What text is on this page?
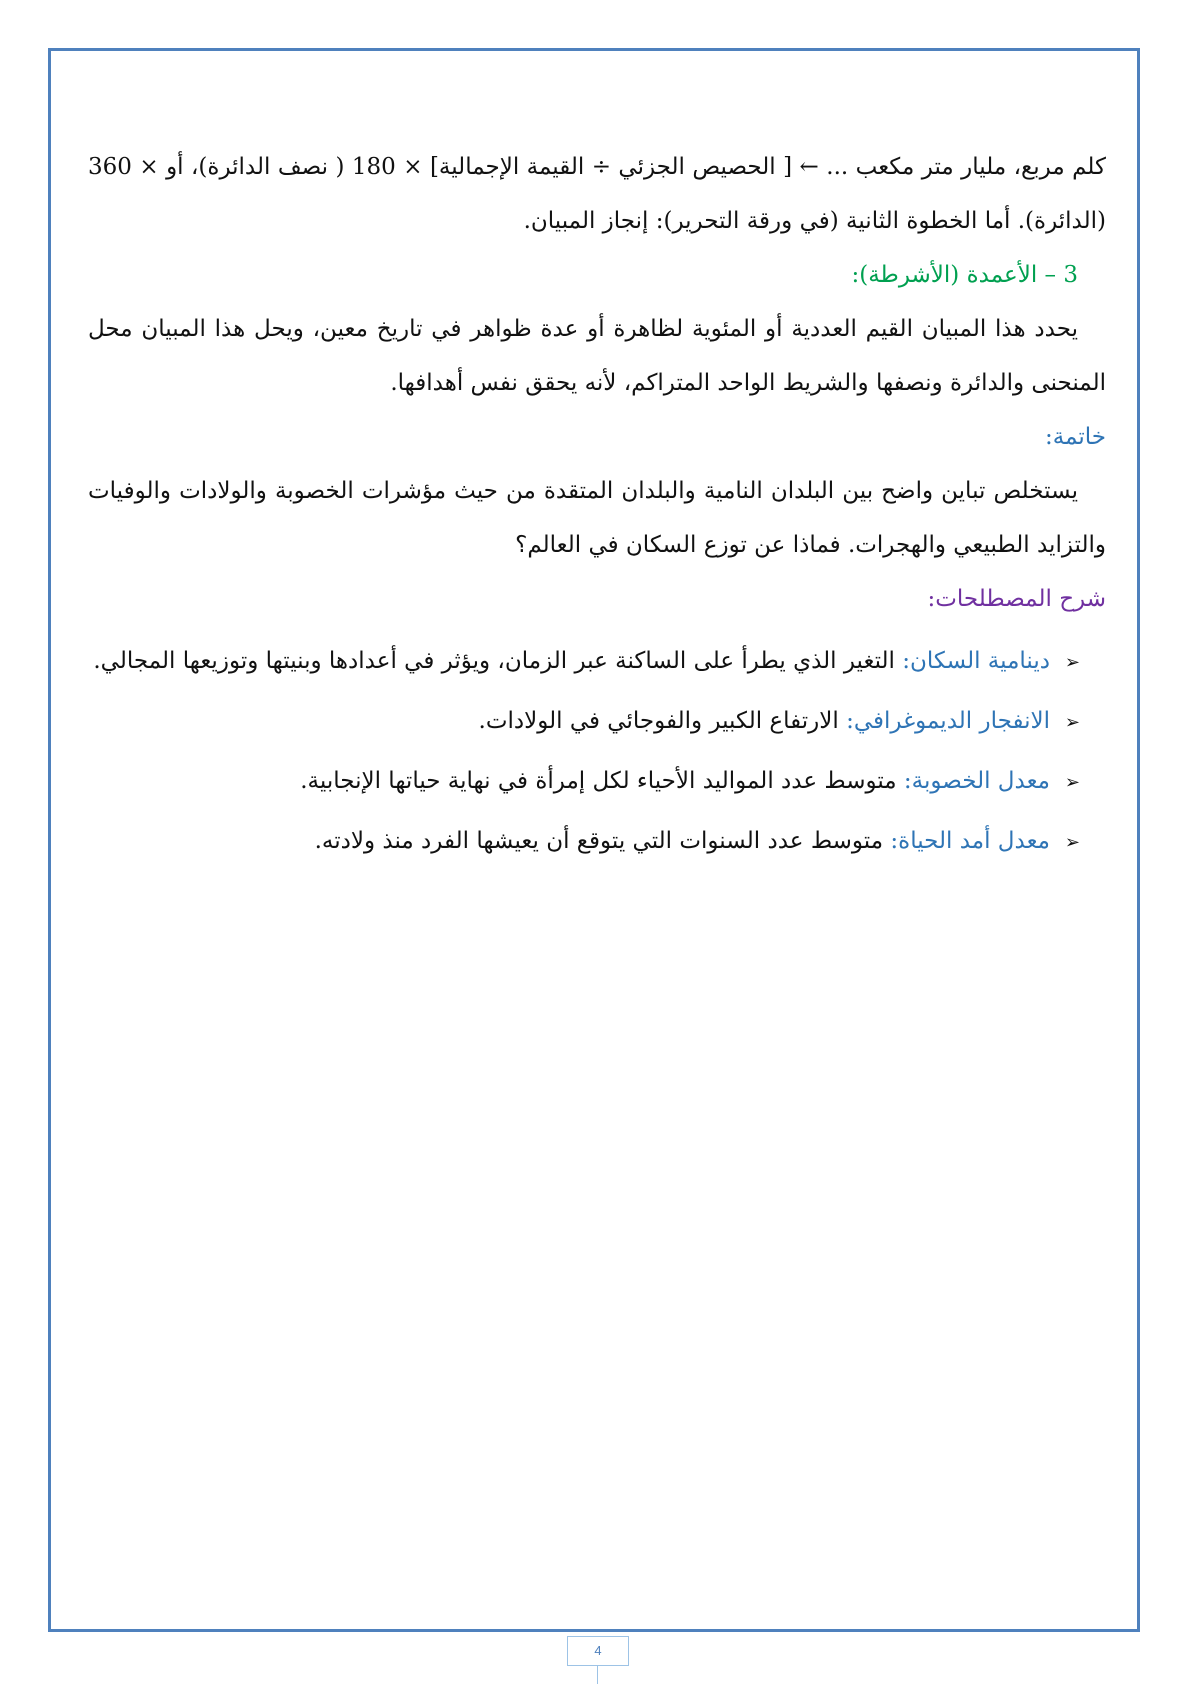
كلم مربع، مليار متر مكعب ... ← [ الحصيص الجزئي ÷ القيمة الإجمالية] × 180 ( نصف الدائرة)، أو × 360 (الدائرة). أما الخطوة الثانية (في ورقة التحرير): إنجاز المبيان.

3 – الأعمدة (الأشرطة):

يحدد هذا المبيان القيم العددية أو المئوية لظاهرة أو عدة ظواهر في تاريخ معين، ويحل هذا المبيان محل المنحنى والدائرة ونصفها والشريط الواحد المتراكم، لأنه يحقق نفس أهدافها.

خاتمة:

يستخلص تباين واضح بين البلدان النامية والبلدان المتقدة من حيث مؤشرات الخصوبة والولادات والوفيات والتزايد الطبيعي والهجرات. فماذا عن توزع السكان في العالم؟

شرح المصطلحات:

➢
دينامية السكان: التغير الذي يطرأ على الساكنة عبر الزمان، ويؤثر في أعدادها وبنيتها وتوزيعها المجالي.
➢
الانفجار الديموغرافي: الارتفاع الكبير والفوجائي في الولادات.
➢
معدل الخصوبة: متوسط عدد المواليد الأحياء لكل إمرأة في نهاية حياتها الإنجابية.
➢
معدل أمد الحياة: متوسط عدد السنوات التي يتوقع أن يعيشها الفرد منذ ولادته.
4
